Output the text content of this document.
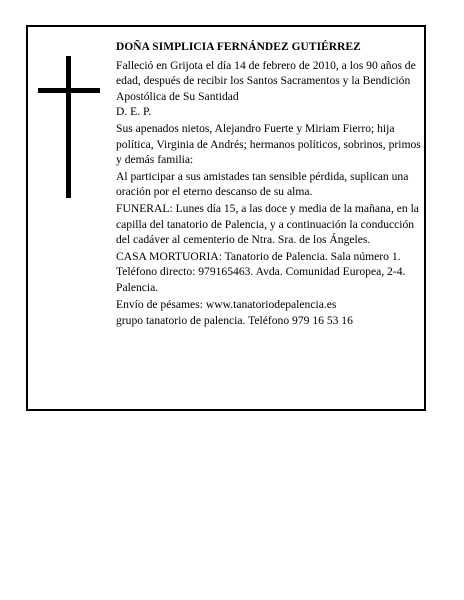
DOÑA SIMPLICIA FERNÁNDEZ GUTIÉRREZ

Falleció en Grijota el día 14 de febrero de 2010, a los 90 años de edad, después de recibir los Santos Sacramentos y la Bendición Apostólica de Su Santidad
D. E. P.

Sus apenados nietos, Alejandro Fuerte y Miriam Fierro; hija política, Virginia de Andrés; hermanos políticos, sobrinos, primos y demás familia:

Al participar a sus amistades tan sensible pérdida, suplican una oración por el eterno descanso de su alma.

FUNERAL: Lunes día 15, a las doce y media de la mañana, en la capilla del tanatorio de Palencia, y a continuación la conducción del cadáver al cementerio de Ntra. Sra. de los Ángeles.

CASA MORTUORIA: Tanatorio de Palencia. Sala número 1. Teléfono directo: 979165463. Avda. Comunidad Europea, 2-4. Palencia.

Envío de pésames: www.tanatoriodepalencia.es

grupo tanatorio de palencia. Teléfono 979 16 53 16
